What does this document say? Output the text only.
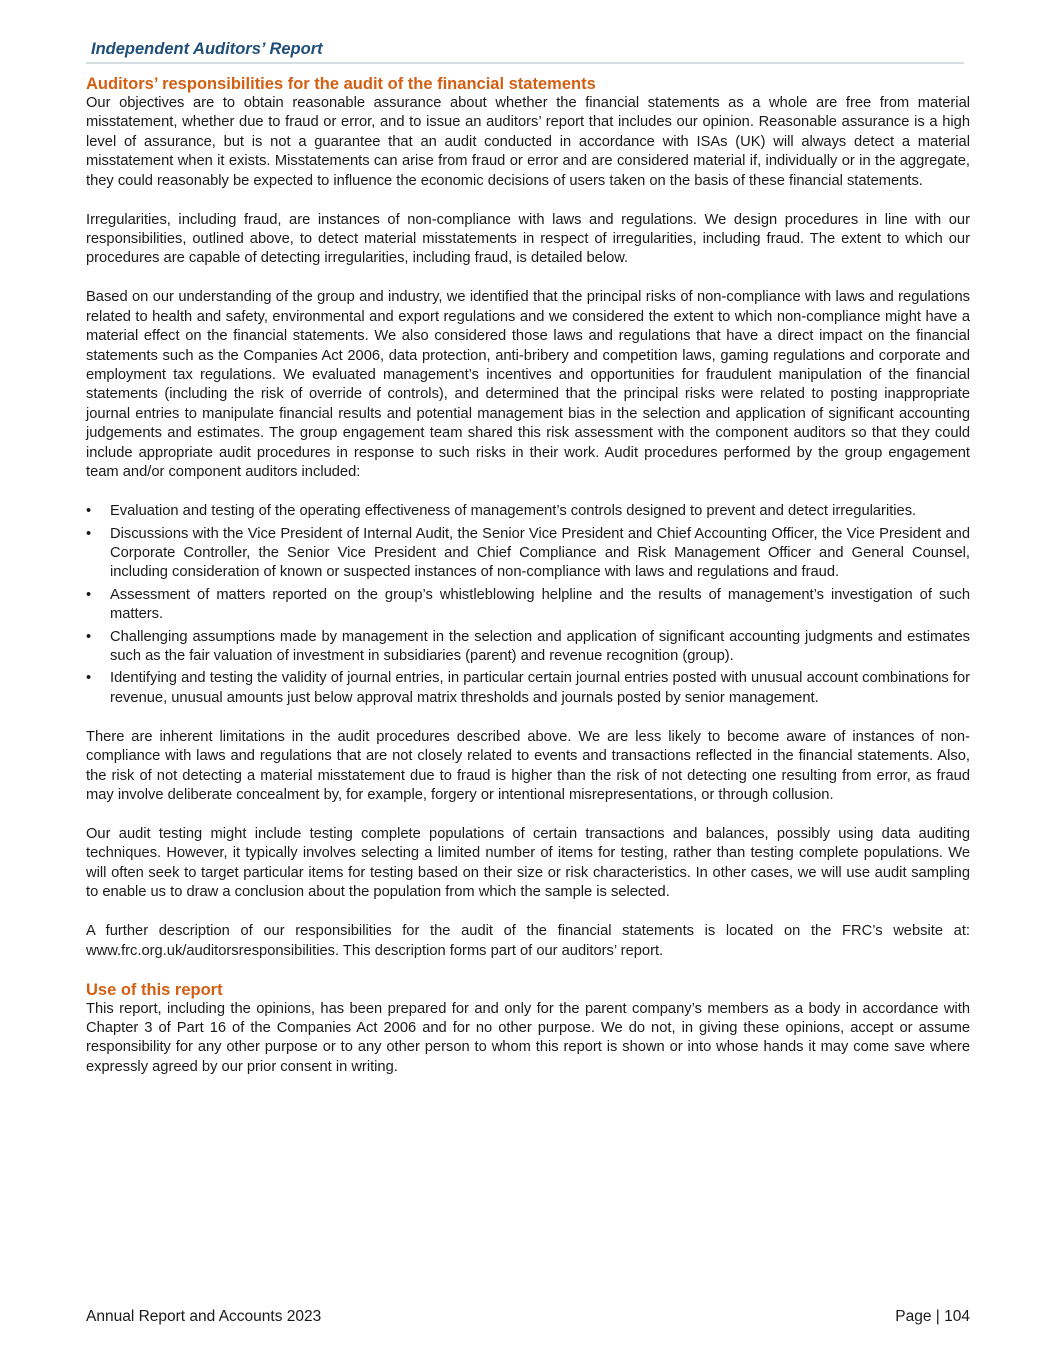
Independent Auditors’ Report
Auditors’ responsibilities for the audit of the financial statements

Our objectives are to obtain reasonable assurance about whether the financial statements as a whole are free from material misstatement, whether due to fraud or error, and to issue an auditors’ report that includes our opinion. Reasonable assurance is a high level of assurance, but is not a guarantee that an audit conducted in accordance with ISAs (UK) will always detect a material misstatement when it exists. Misstatements can arise from fraud or error and are considered material if, individually or in the aggregate, they could reasonably be expected to influence the economic decisions of users taken on the basis of these financial statements.

Irregularities, including fraud, are instances of non-compliance with laws and regulations. We design procedures in line with our responsibilities, outlined above, to detect material misstatements in respect of irregularities, including fraud. The extent to which our procedures are capable of detecting irregularities, including fraud, is detailed below.

Based on our understanding of the group and industry, we identified that the principal risks of non-compliance with laws and regulations related to health and safety, environmental and export regulations and we considered the extent to which non-compliance might have a material effect on the financial statements. We also considered those laws and regulations that have a direct impact on the financial statements such as the Companies Act 2006, data protection, anti-bribery and competition laws, gaming regulations and corporate and employment tax regulations. We evaluated management’s incentives and opportunities for fraudulent manipulation of the financial statements (including the risk of override of controls), and determined that the principal risks were related to posting inappropriate journal entries to manipulate financial results and potential management bias in the selection and application of significant accounting judgements and estimates. The group engagement team shared this risk assessment with the component auditors so that they could include appropriate audit procedures in response to such risks in their work. Audit procedures performed by the group engagement team and/or component auditors included:

• Evaluation and testing of the operating effectiveness of management’s controls designed to prevent and detect irregularities.
• Discussions with the Vice President of Internal Audit, the Senior Vice President and Chief Accounting Officer, the Vice President and Corporate Controller, the Senior Vice President and Chief Compliance and Risk Management Officer and General Counsel, including consideration of known or suspected instances of non-compliance with laws and regulations and fraud.
• Assessment of matters reported on the group’s whistleblowing helpline and the results of management’s investigation of such matters.
• Challenging assumptions made by management in the selection and application of significant accounting judgments and estimates such as the fair valuation of investment in subsidiaries (parent) and revenue recognition (group).
• Identifying and testing the validity of journal entries, in particular certain journal entries posted with unusual account combinations for revenue, unusual amounts just below approval matrix thresholds and journals posted by senior management.

There are inherent limitations in the audit procedures described above. We are less likely to become aware of instances of non-compliance with laws and regulations that are not closely related to events and transactions reflected in the financial statements. Also, the risk of not detecting a material misstatement due to fraud is higher than the risk of not detecting one resulting from error, as fraud may involve deliberate concealment by, for example, forgery or intentional misrepresentations, or through collusion.

Our audit testing might include testing complete populations of certain transactions and balances, possibly using data auditing techniques. However, it typically involves selecting a limited number of items for testing, rather than testing complete populations. We will often seek to target particular items for testing based on their size or risk characteristics. In other cases, we will use audit sampling to enable us to draw a conclusion about the population from which the sample is selected.

A further description of our responsibilities for the audit of the financial statements is located on the FRC’s website at: www.frc.org.uk/auditorsresponsibilities. This description forms part of our auditors’ report.

Use of this report

This report, including the opinions, has been prepared for and only for the parent company’s members as a body in accordance with Chapter 3 of Part 16 of the Companies Act 2006 and for no other purpose. We do not, in giving these opinions, accept or assume responsibility for any other purpose or to any other person to whom this report is shown or into whose hands it may come save where expressly agreed by our prior consent in writing.

Annual Report and Accounts 2023	Page | 104
